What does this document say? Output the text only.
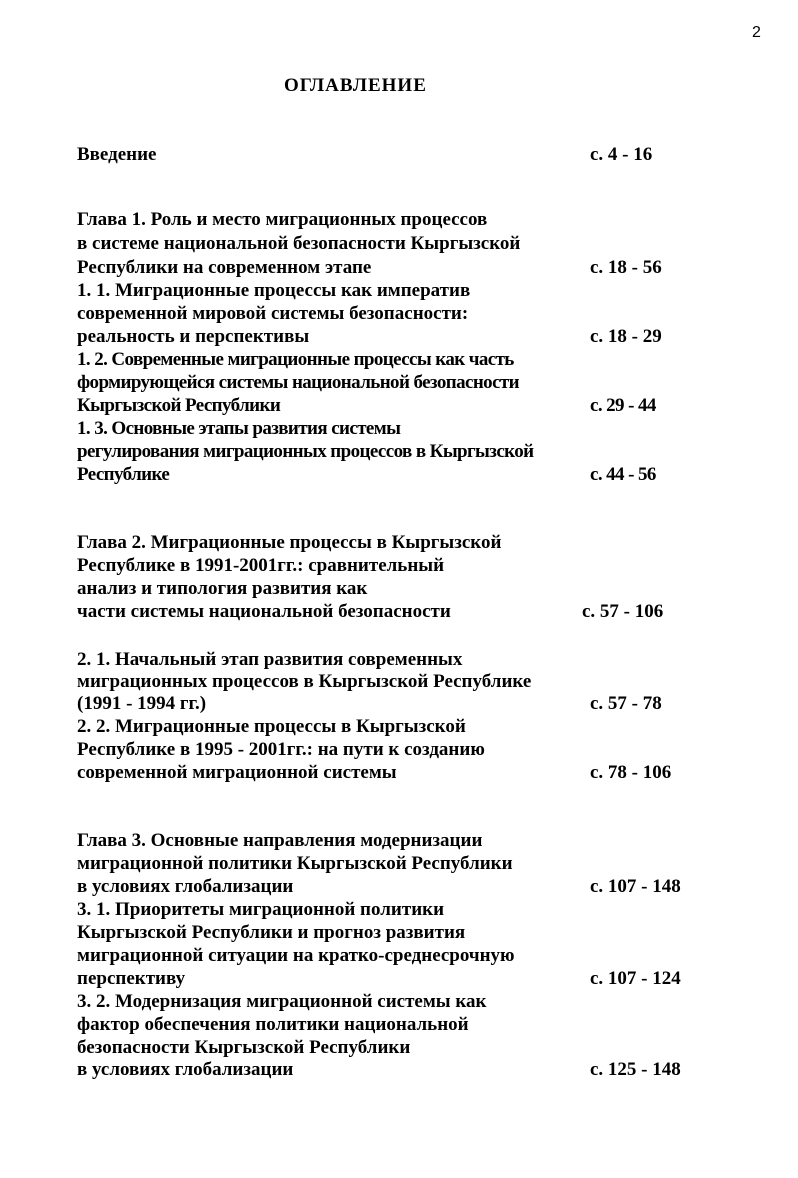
2
ОГЛАВЛЕНИЕ
Введение	с. 4 - 16
Глава 1. Роль и место миграционных процессов
в системе национальной безопасности Кыргызской
Республики на современном этапе	с. 18 - 56
1. 1. Миграционные процессы как императив
современной мировой системы безопасности:
реальность и перспективы	с. 18 - 29
1. 2. Современные миграционные процессы как часть
формирующейся системы национальной безопасности
Кыргызской Республики	с. 29 - 44
1. 3. Основные этапы развития системы
регулирования миграционных процессов в Кыргызской
Республике	с. 44 - 56
Глава 2. Миграционные процессы в Кыргызской
Республике в 1991-2001гг.: сравнительный
анализ и типология развития как
части системы национальной безопасности	с. 57 - 106
2. 1. Начальный этап развития современных
миграционных процессов в Кыргызской Республике
(1991 - 1994 гг.)	с. 57 - 78
2. 2. Миграционные процессы в Кыргызской
Республике в 1995 - 2001гг.: на пути к созданию
современной миграционной системы	с. 78 - 106
Глава 3. Основные направления модернизации
миграционной политики Кыргызской Республики
в условиях глобализации	с. 107 - 148
3. 1. Приоритеты миграционной политики
Кыргызской Республики и прогноз развития
миграционной ситуации на кратко-среднесрочную
перспективу	с. 107 - 124
3. 2. Модернизация миграционной системы как
фактор обеспечения политики национальной
безопасности Кыргызской Республики
в условиях глобализации	с. 125 - 148
